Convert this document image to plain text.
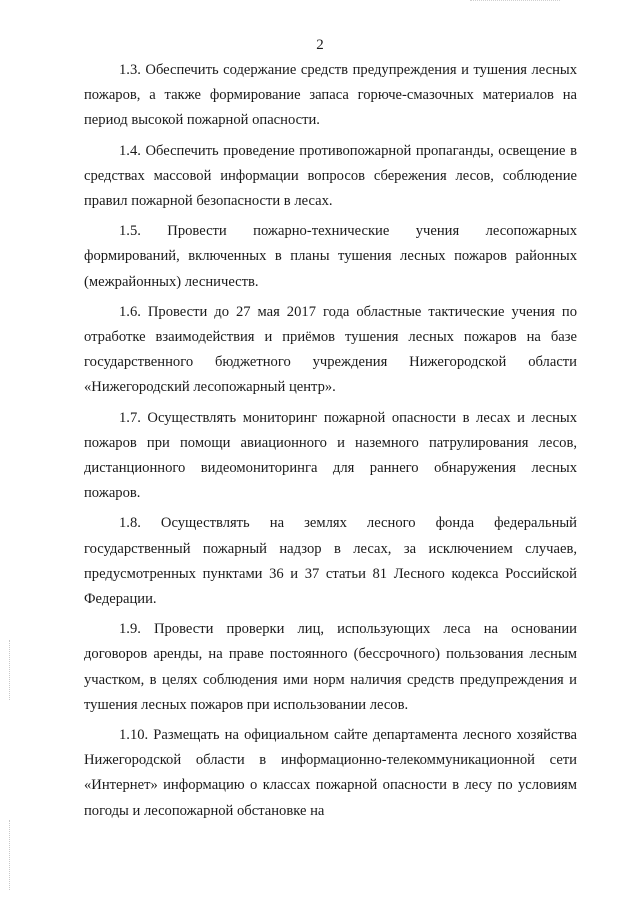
2

1.3. Обеспечить содержание средств предупреждения и тушения лесных пожаров, а также формирование запаса горюче-смазочных материалов на период высокой пожарной опасности.

1.4. Обеспечить проведение противопожарной пропаганды, освещение в средствах массовой информации вопросов сбережения лесов, соблюдение правил пожарной безопасности в лесах.

1.5. Провести пожарно-технические учения лесопожарных формирований, включенных в планы тушения лесных пожаров районных (межрайонных) лесничеств.

1.6. Провести до 27 мая 2017 года областные тактические учения по отработке взаимодействия и приёмов тушения лесных пожаров на базе государственного бюджетного учреждения Нижегородской области «Нижегородский лесопожарный центр».

1.7. Осуществлять мониторинг пожарной опасности в лесах и лесных пожаров при помощи авиационного и наземного патрулирования лесов, дистанционного видеомониторинга для раннего обнаружения лесных пожаров.

1.8. Осуществлять на землях лесного фонда федеральный государственный пожарный надзор в лесах, за исключением случаев, предусмотренных пунктами 36 и 37 статьи 81 Лесного кодекса Российской Федерации.

1.9. Провести проверки лиц, использующих леса на основании договоров аренды, на праве постоянного (бессрочного) пользования лесным участком, в целях соблюдения ими норм наличия средств предупреждения и тушения лесных пожаров при использовании лесов.

1.10. Размещать на официальном сайте департамента лесного хозяйства Нижегородской области в информационно-телекоммуникационной сети «Интернет» информацию о классах пожарной опасности в лесу по условиям погоды и лесопожарной обстановке на
